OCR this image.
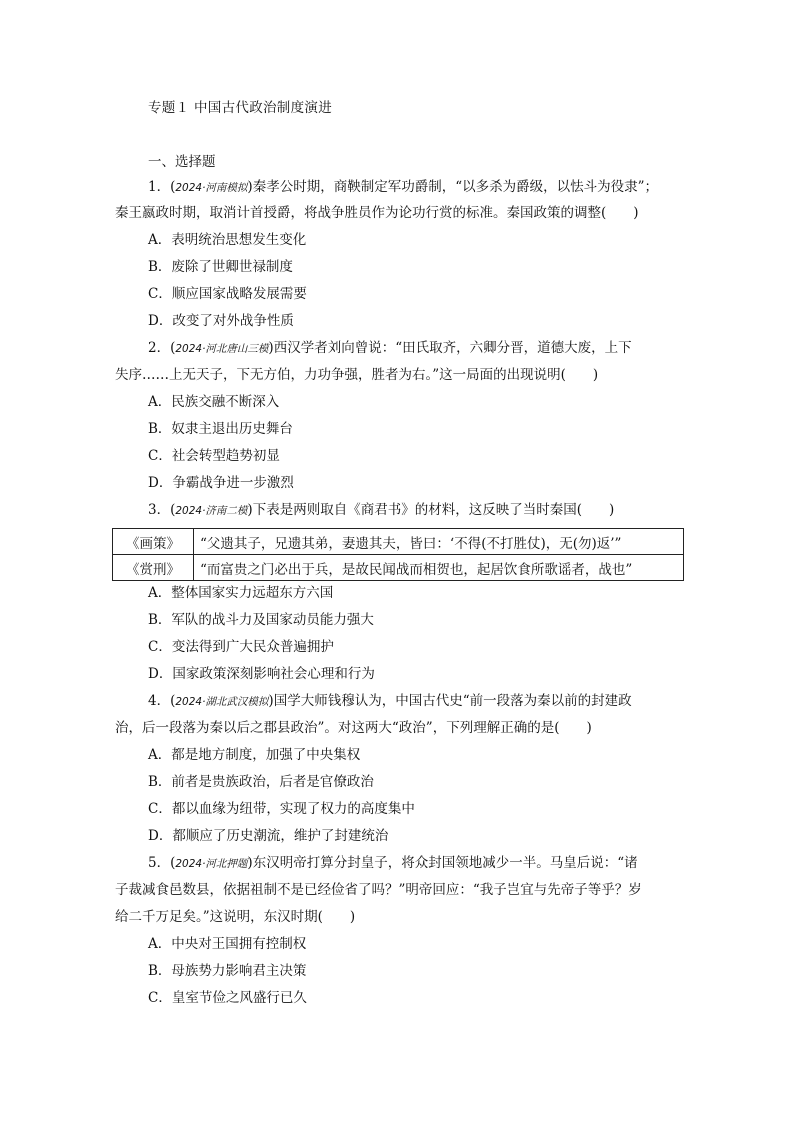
专题１ 中国古代政治制度演进
一、选择题
1．(2024·河南模拟)秦孝公时期，商鞅制定军功爵制，“以多杀为爵级，以怯斗为役隶”；
秦王嬴政时期，取消计首授爵，将战争胜员作为论功行赏的标准。秦国政策的调整(　　)
A．表明统治思想发生变化
B．废除了世卿世禄制度
C．顺应国家战略发展需要
D．改变了对外战争性质
2．(2024·河北唐山三模)西汉学者刘向曾说：“田氏取齐，六卿分晋，道德大废，上下
失序……上无天子，下无方伯，力功争强，胜者为右。”这一局面的出现说明(　　)
A．民族交融不断深入
B．奴隶主退出历史舞台
C．社会转型趋势初显
D．争霸战争进一步激烈
3．(2024·济南二模)下表是两则取自《商君书》的材料，这反映了当时秦国(　　)
《画策》	“父遗其子，兄遗其弟，妻遗其夫，皆曰：‘不得(不打胜仗)，无(勿)返’”
《赏刑》	“而富贵之门必出于兵，是故民闻战而相贺也，起居饮食所歌谣者，战也”
A．整体国家实力远超东方六国
B．军队的战斗力及国家动员能力强大
C．变法得到广大民众普遍拥护
D．国家政策深刻影响社会心理和行为
4．(2024·湖北武汉模拟)国学大师钱穆认为，中国古代史“前一段落为秦以前的封建政
治，后一段落为秦以后之郡县政治”。对这两大“政治”，下列理解正确的是(　　)
A．都是地方制度，加强了中央集权
B．前者是贵族政治，后者是官僚政治
C．都以血缘为纽带，实现了权力的高度集中
D．都顺应了历史潮流，维护了封建统治
5．(2024·河北押题)东汉明帝打算分封皇子，将众封国领地减少一半。马皇后说：“诸
子裁减食邑数县，依据祖制不是已经俭省了吗？”明帝回应：“我子岂宜与先帝子等乎？岁
给二千万足矣。”这说明，东汉时期(　　)
A．中央对王国拥有控制权
B．母族势力影响君主决策
C．皇室节俭之风盛行已久
